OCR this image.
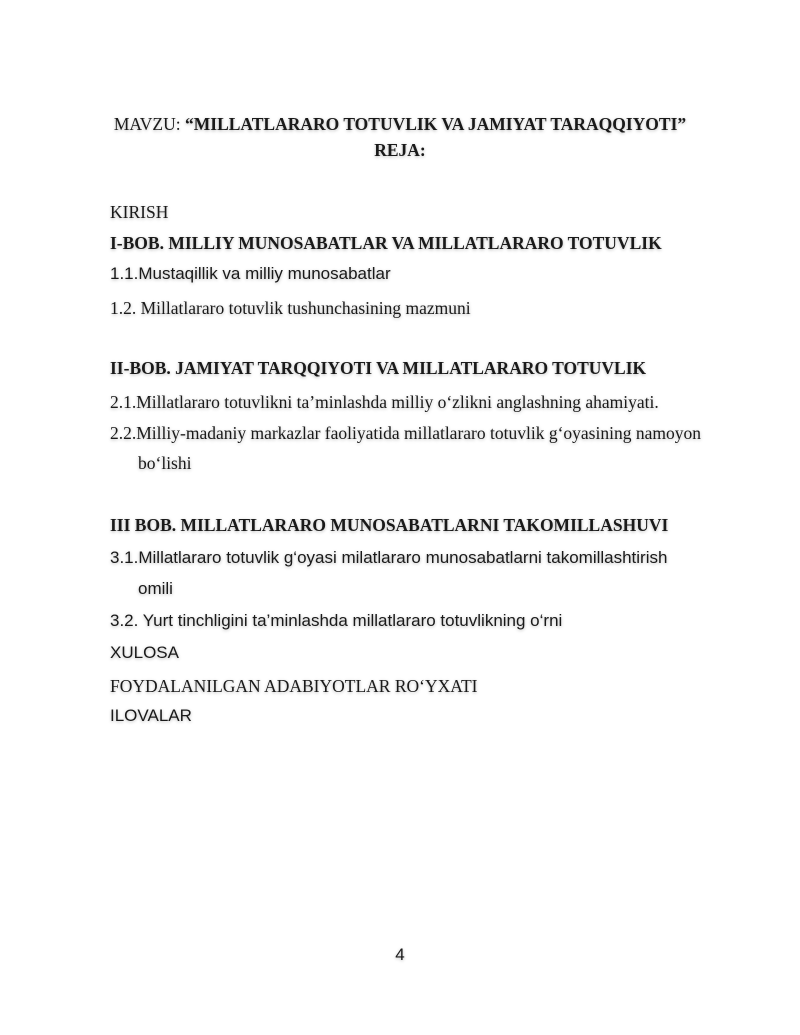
MAVZU: “MILLATLARARO TOTUVLIK VA JAMIYAT TARAQQIYOTI”
REJA:
KIRISH
I-BOB. MILLIY MUNOSABATLAR VA MILLATLARARO TOTUVLIK
1.1.Mustaqillik va milliy munosabatlar
1.2. Millatlararo totuvlik tushunchasining mazmuni
II-BOB. JAMIYAT TARQQIYOTI VA MILLATLARARO TOTUVLIK
2.1.Millatlararo totuvlikni ta’minlashda milliy o‘zlikni anglashning ahamiyati.
2.2.Milliy-madaniy markazlar faoliyatida millatlararo totuvlik g‘oyasining namoyon
bo‘lishi
III BOB. MILLATLARARO MUNOSABATLARNI TAKOMILLASHUVI
3.1.Millatlararo totuvlik g‘oyasi milatlararo munosabatlarni takomillashtirish
omili
3.2. Yurt tinchligini ta’minlashda millatlararo totuvlikning o‘rni
XULOSA
FOYDALANILGAN ADABIYOTLAR RO‘YXATI
ILOVALAR
4
